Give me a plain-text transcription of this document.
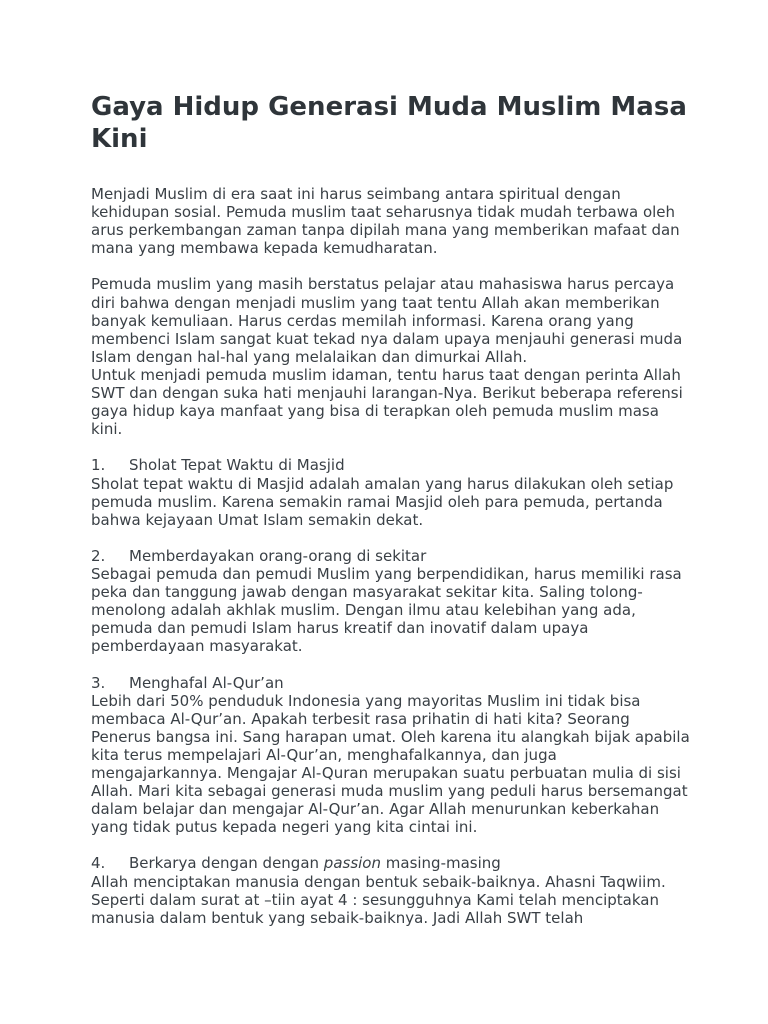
Gaya Hidup Generasi Muda Muslim Masa Kini

Menjadi Muslim di era saat ini harus seimbang antara spiritual dengan kehidupan sosial. Pemuda muslim taat seharusnya tidak mudah terbawa oleh arus perkembangan zaman tanpa dipilah mana yang memberikan mafaat dan mana yang membawa kepada kemudharatan.

Pemuda muslim yang masih berstatus pelajar atau mahasiswa harus percaya diri bahwa dengan menjadi muslim yang taat tentu Allah akan memberikan banyak kemuliaan. Harus cerdas memilah informasi. Karena orang yang membenci Islam sangat kuat tekad nya dalam upaya menjauhi generasi muda Islam dengan hal-hal yang melalaikan dan dimurkai Allah.

Untuk menjadi pemuda muslim idaman, tentu harus taat dengan perinta Allah SWT dan dengan suka hati menjauhi larangan-Nya. Berikut beberapa referensi gaya hidup kaya manfaat yang bisa di terapkan oleh pemuda muslim masa kini.

1.	Sholat Tepat Waktu di Masjid

Sholat tepat waktu di Masjid adalah amalan yang harus dilakukan oleh setiap pemuda muslim. Karena semakin ramai Masjid oleh para pemuda, pertanda bahwa kejayaan Umat Islam semakin dekat.

2.	Memberdayakan orang-orang di sekitar

Sebagai pemuda dan pemudi Muslim yang berpendidikan, harus memiliki rasa peka dan tanggung jawab dengan masyarakat sekitar kita. Saling tolong-menolong adalah akhlak muslim. Dengan ilmu atau kelebihan yang ada, pemuda dan pemudi Islam harus kreatif dan inovatif dalam upaya pemberdayaan masyarakat.

3.	Menghafal Al-Qur’an

Lebih dari 50% penduduk Indonesia yang mayoritas Muslim ini tidak bisa membaca Al-Qur’an. Apakah terbesit rasa prihatin di hati kita? Seorang Penerus bangsa ini. Sang harapan umat. Oleh karena itu alangkah bijak apabila kita terus mempelajari Al-Qur’an, menghafalkannya, dan juga mengajarkannya. Mengajar Al-Quran merupakan suatu perbuatan mulia di sisi Allah. Mari kita sebagai generasi muda muslim yang peduli harus bersemangat dalam belajar dan mengajar Al-Qur’an. Agar Allah menurunkan keberkahan yang tidak putus kepada negeri yang kita cintai ini.

4.	Berkarya dengan dengan passion masing-masing

Allah menciptakan manusia dengan bentuk sebaik-baiknya. Ahasni Taqwiim. Seperti dalam surat at –tiin ayat 4 : sesungguhnya Kami telah menciptakan manusia dalam bentuk yang sebaik-baiknya. Jadi Allah SWT telah
